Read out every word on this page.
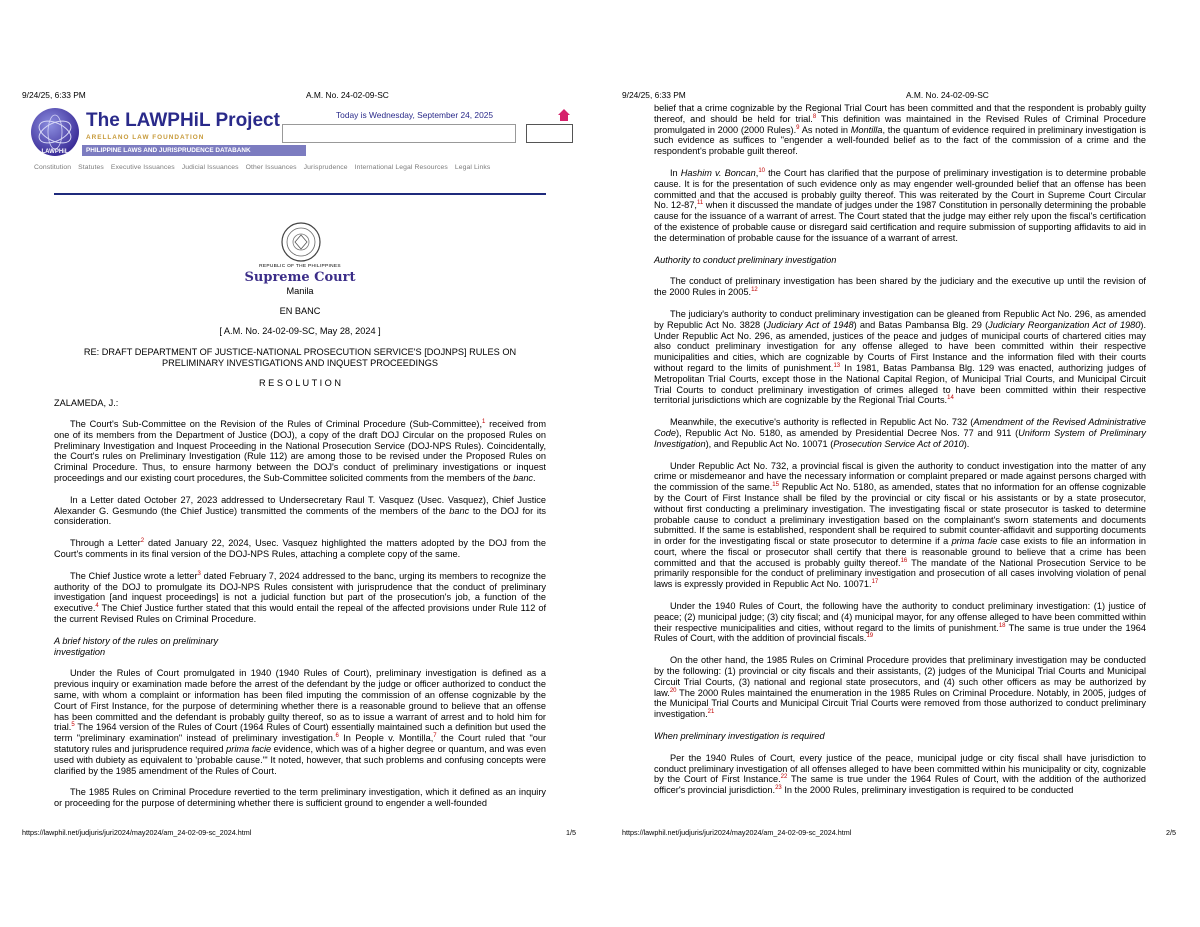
9/24/25, 6:33 PM	A.M. No. 24-02-09-SC
LAWPHiL
The LAWPHiL Project
ARELLANO LAW FOUNDATION
PHILIPPINE LAWS AND JURISPRUDENCE DATABANK
Today is Wednesday, September 24, 2025
Constitution Statutes Executive Issuances Judicial Issuances Other Issuances Jurisprudence International Legal Resources Legal Links
REPUBLIC OF THE PHILIPPINES
Supreme Court
Manila
EN BANC
[ A.M. No. 24-02-09-SC, May 28, 2024 ]
RE: DRAFT DEPARTMENT OF JUSTICE-NATIONAL PROSECUTION SERVICE'S [DOJNPS] RULES ON PRELIMINARY INVESTIGATIONS AND INQUEST PROCEEDINGS
R E S O L U T I O N
ZALAMEDA, J.:

The Court's Sub-Committee on the Revision of the Rules of Criminal Procedure (Sub-Committee),$^1$ received from one of its members from the Department of Justice (DOJ), a copy of the draft DOJ Circular on the proposed Rules on Preliminary Investigation and Inquest Proceeding in the National Prosecution Service (DOJ-NPS Rules). Coincidentally, the Court's rules on Preliminary Investigation (Rule 112) are among those to be revised under the Proposed Rules on Criminal Procedure. Thus, to ensure harmony between the DOJ's conduct of preliminary investigations or inquest proceedings and our existing court procedures, the Sub-Committee solicited comments from the members of the banc.

In a Letter dated October 27, 2023 addressed to Undersecretary Raul T. Vasquez (Usec. Vasquez), Chief Justice Alexander G. Gesmundo (the Chief Justice) transmitted the comments of the members of the banc to the DOJ for its consideration.

Through a Letter$^2$ dated January 22, 2024, Usec. Vasquez highlighted the matters adopted by the DOJ from the Court's comments in its final version of the DOJ-NPS Rules, attaching a complete copy of the same.

The Chief Justice wrote a letter$^3$ dated February 7, 2024 addressed to the banc, urging its members to recognize the authority of the DOJ to promulgate its DOJ-NPS Rules consistent with jurisprudence that the conduct of preliminary investigation [and inquest proceedings] is not a judicial function but part of the prosecution's job, a function of the executive.$^4$ The Chief Justice further stated that this would entail the repeal of the affected provisions under Rule 112 of the current Revised Rules on Criminal Procedure.

A brief history of the rules on preliminary
investigation

Under the Rules of Court promulgated in 1940 (1940 Rules of Court), preliminary investigation is defined as a previous inquiry or examination made before the arrest of the defendant by the judge or officer authorized to conduct the same, with whom a complaint or information has been filed imputing the commission of an offense cognizable by the Court of First Instance, for the purpose of determining whether there is a reasonable ground to believe that an offense has been committed and the defendant is probably guilty thereof, so as to issue a warrant of arrest and to hold him for trial.$^5$ The 1964 version of the Rules of Court (1964 Rules of Court) essentially maintained such a definition but used the term "preliminary examination" instead of preliminary investigation.$^6$ In People v. Montilla,$^7$ the Court ruled that "our statutory rules and jurisprudence required prima facie evidence, which was of a higher degree or quantum, and was even used with dubiety as equivalent to 'probable cause.'" It noted, however, that such problems and confusing concepts were clarified by the 1985 amendment of the Rules of Court.

The 1985 Rules on Criminal Procedure revertied to the term preliminary investigation, which it defined as an inquiry or proceeding for the purpose of determining whether there is sufficient ground to engender a well-founded

https://lawphil.net/judjuris/juri2024/may2024/am_24-02-09-sc_2024.html	1/5
9/24/25, 6:33 PM	A.M. No. 24-02-09-SC

belief that a crime cognizable by the Regional Trial Court has been committed and that the respondent is probably guilty thereof, and should be held for trial.$^8$ This definition was maintained in the Revised Rules of Criminal Procedure promulgated in 2000 (2000 Rules).$^9$ As noted in Montilla, the quantum of evidence required in preliminary investigation is such evidence as suffices to "engender a well-founded belief as to the fact of the commission of a crime and the respondent's probable guilt thereof.

In Hashim v. Boncan,$^{10}$ the Court has clarified that the purpose of preliminary investigation is to determine probable cause. It is for the presentation of such evidence only as may engender well-grounded belief that an offense has been committed and that the accused is probably guilty thereof. This was reiterated by the Court in Supreme Court Circular No. 12-87,11 when it discussed the mandate of judges under the 1987 Constitution in personally determining the probable cause for the issuance of a warrant of arrest. The Court stated that the judge may either rely upon the fiscal's certification of the existence of probable cause or disregard said certification and require submission of supporting affidavits to aid in the determination of probable cause for the issuance of a warrant of arrest.

Authority to conduct preliminary investigation

The conduct of preliminary investigation has been shared by the judiciary and the executive up until the revision of the 2000 Rules in 2005.12

The judiciary's authority to conduct preliminary investigation can be gleaned from Republic Act No. 296, as amended by Republic Act No. 3828 (Judiciary Act of 1948) and Batas Pambansa Blg. 29 (Judiciary Reorganization Act of 1980). Under Republic Act No. 296, as amended, justices of the peace and judges of municipal courts of chartered cities may also conduct preliminary investigation for any offense alleged to have been committed within their respective municipalities and cities, which are cognizable by Courts of First Instance and the information filed with their courts without regard to the limits of punishment.$^{13}$ In 1981, Batas Pambansa Blg. 129 was enacted, authorizing judges of Metropolitan Trial Courts, except those in the National Capital Region, of Municipal Trial Courts, and Municipal Circuit Trial Courts to conduct preliminary investigation of crimes alleged to have been committed within their respective territorial jurisdictions which are cognizable by the Regional Trial Courts.$^{14}$

Meanwhile, the executive's authority is reflected in Republic Act No. 732 (Amendment of the Revised Administrative Code), Republic Act No. 5180, as amended by Presidential Decree Nos. 77 and 911 (Uniform System of Preliminary Investigation), and Republic Act No. 10071 (Prosecution Service Act of 2010).

Under Republic Act No. 732, a provincial fiscal is given the authority to conduct investigation into the matter of any crime or misdemeanor and have the necessary information or complaint prepared or made against persons charged with the commission of the same.$^{15}$ Republic Act No. 5180, as amended, states that no information for an offense cognizable by the Court of First Instance shall be filed by the provincial or city fiscal or his assistants or by a state prosecutor, without first conducting a preliminary investigation. The investigating fiscal or state prosecutor is tasked to determine probable cause to conduct a preliminary investigation based on the complainant's sworn statements and documents submitted. If the same is established, respondent shall be required to submit counter-affidavit and supporting documents in order for the investigating fiscal or state prosecutor to determine if a prima facie case exists to file an information in court, where the fiscal or prosecutor shall certify that there is reasonable ground to believe that a crime has been committed and that the accused is probably guilty thereof.$^{16}$ The mandate of the National Prosecution Service to be primarily responsible for the conduct of preliminary investigation and prosecution of all cases involving violation of penal laws is expressly provided in Republic Act No. 10071.17

Under the 1940 Rules of Court, the following have the authority to conduct preliminary investigation: (1) justice of peace; (2) municipal judge; (3) city fiscal; and (4) municipal mayor, for any offense alleged to have been committed within their respective municipalities and cities, without regard to the limits of punishment.$^{18}$ The same is true under the 1964 Rules of Court, with the addition of provincial fiscals.$^{19}$

On the other hand, the 1985 Rules on Criminal Procedure provides that preliminary investigation may be conducted by the following: (1) provincial or city fiscals and their assistants, (2) judges of the Municipal Trial Courts and Municipal Circuit Trial Courts, (3) national and regional state prosecutors, and (4) such other officers as may be authorized by law.$^{20}$ The 2000 Rules maintained the enumeration in the 1985 Rules on Criminal Procedure. Notably, in 2005, judges of the Municipal Trial Courts and Municipal Circuit Trial Courts were removed from those authorized to conduct preliminary investigation.$^{21}$

When preliminary investigation is required

Per the 1940 Rules of Court, every justice of the peace, municipal judge or city fiscal shall have jurisdiction to conduct preliminary investigation of all offenses alleged to have been committed within his municipality or city, cognizable by the Court of First Instance.$^{22}$ The same is true under the 1964 Rules of Court, with the addition of the authorized officer's provincial jurisdiction.$^{23}$ In the 2000 Rules, preliminary investigation is required to be conducted

https://lawphil.net/judjuris/juri2024/may2024/am_24-02-09-sc_2024.html	2/5
